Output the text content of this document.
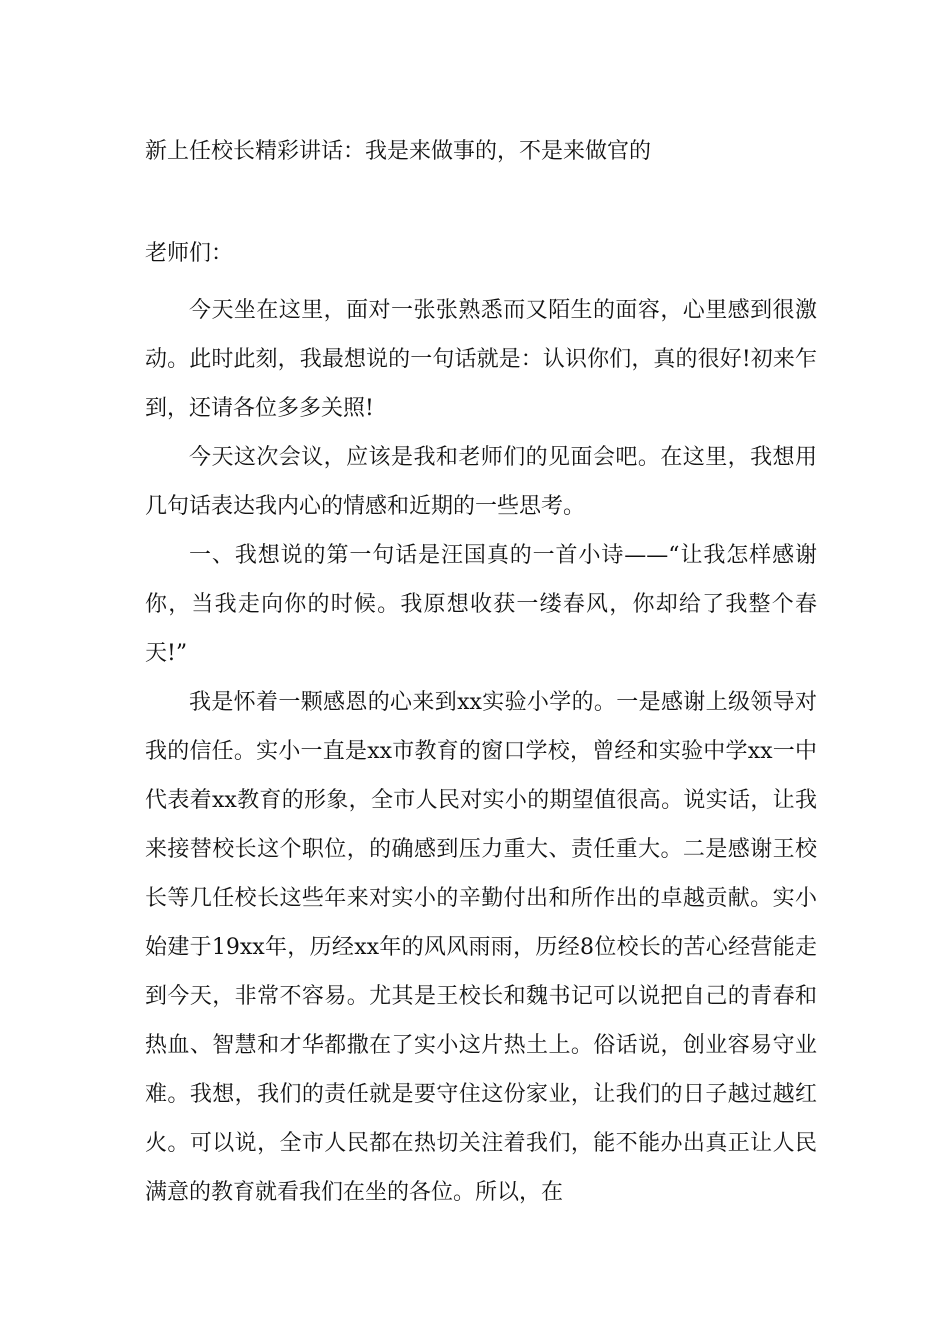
新上任校长精彩讲话：我是来做事的，不是来做官的
老师们：

今天坐在这里，面对一张张熟悉而又陌生的面容，心里感到很激动。此时此刻，我最想说的一句话就是：认识你们，真的很好!初来乍到，还请各位多多关照!

今天这次会议，应该是我和老师们的见面会吧。在这里，我想用几句话表达我内心的情感和近期的一些思考。

一、我想说的第一句话是汪国真的一首小诗——“让我怎样感谢你，当我走向你的时候。我原想收获一缕春风，你却给了我整个春天!”

我是怀着一颗感恩的心来到xx实验小学的。一是感谢上级领导对我的信任。实小一直是xx市教育的窗口学校，曾经和实验中学xx一中代表着xx教育的形象，全市人民对实小的期望值很高。说实话，让我来接替校长这个职位，的确感到压力重大、责任重大。二是感谢王校长等几任校长这些年来对实小的辛勤付出和所作出的卓越贡献。实小始建于19xx年，历经xx年的风风雨雨，历经8位校长的苦心经营能走到今天，非常不容易。尤其是王校长和魏书记可以说把自己的青春和热血、智慧和才华都撒在了实小这片热土上。俗话说，创业容易守业难。我想，我们的责任就是要守住这份家业，让我们的日子越过越红火。可以说，全市人民都在热切关注着我们，能不能办出真正让人民满意的教育就看我们在坐的各位。所以，在
